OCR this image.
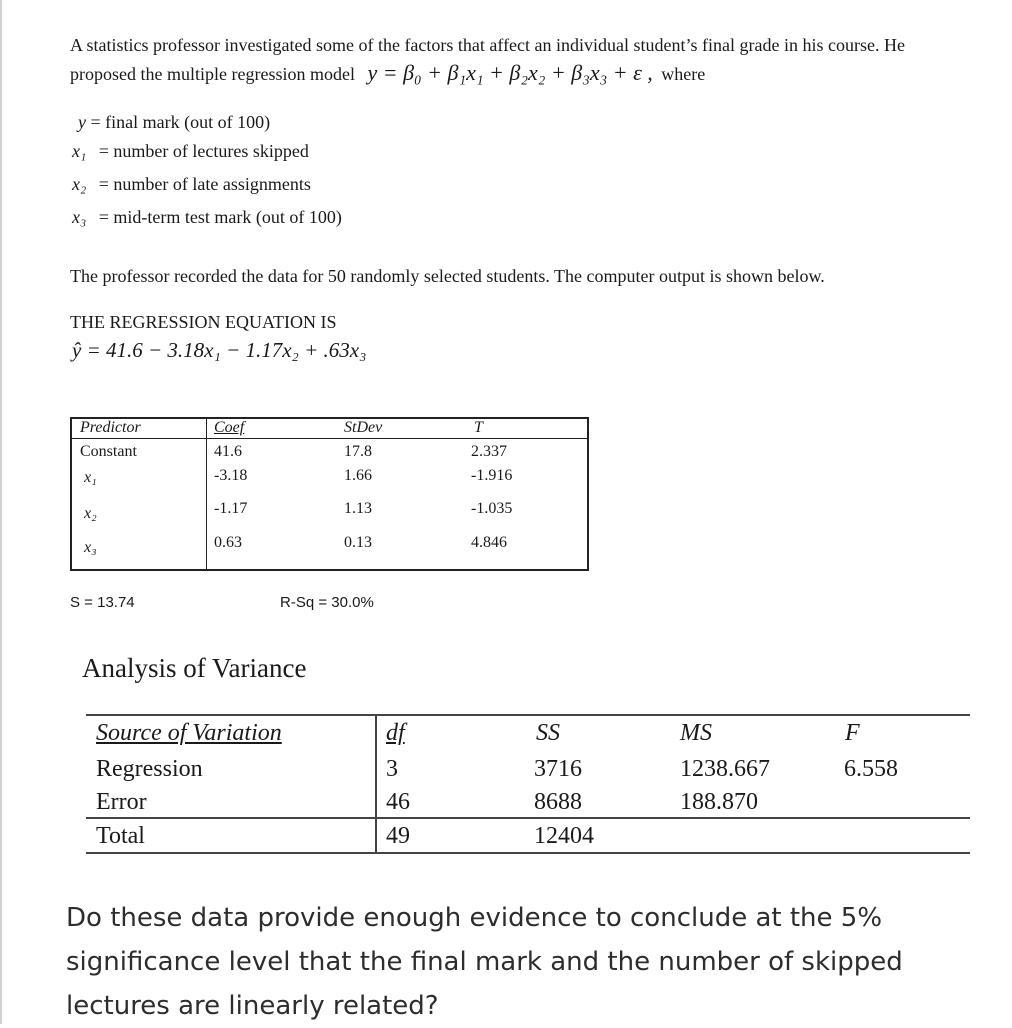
A statistics professor investigated some of the factors that affect an individual student’s final grade in his course. He
proposed the multiple regression model y = β₀ + β₁x₁ + β₂x₂ + β₃x₃ + ε , where
y = final mark (out of 100)
x₁ = number of lectures skipped
x₂ = number of late assignments
x₃ = mid-term test mark (out of 100)
The professor recorded the data for 50 randomly selected students. The computer output is shown below.
THE REGRESSION EQUATION IS
ŷ = 41.6 − 3.18x₁ − 1.17x₂ + .63x₃
Predictor	Coef	StDev	T
Constant	41.6	17.8	2.337
x₁	-3.18	1.66	-1.916
x₂	-1.17	1.13	-1.035
x₃	0.63	0.13	4.846
S = 13.74	R-Sq = 30.0%
Analysis of Variance
Source of Variation	df	SS	MS	F
Regression	3	3716	1238.667	6.558
Error	46	8688	188.870
Total	49	12404
Do these data provide enough evidence to conclude at the 5% significance level that the final mark and the number of skipped lectures are linearly related?
